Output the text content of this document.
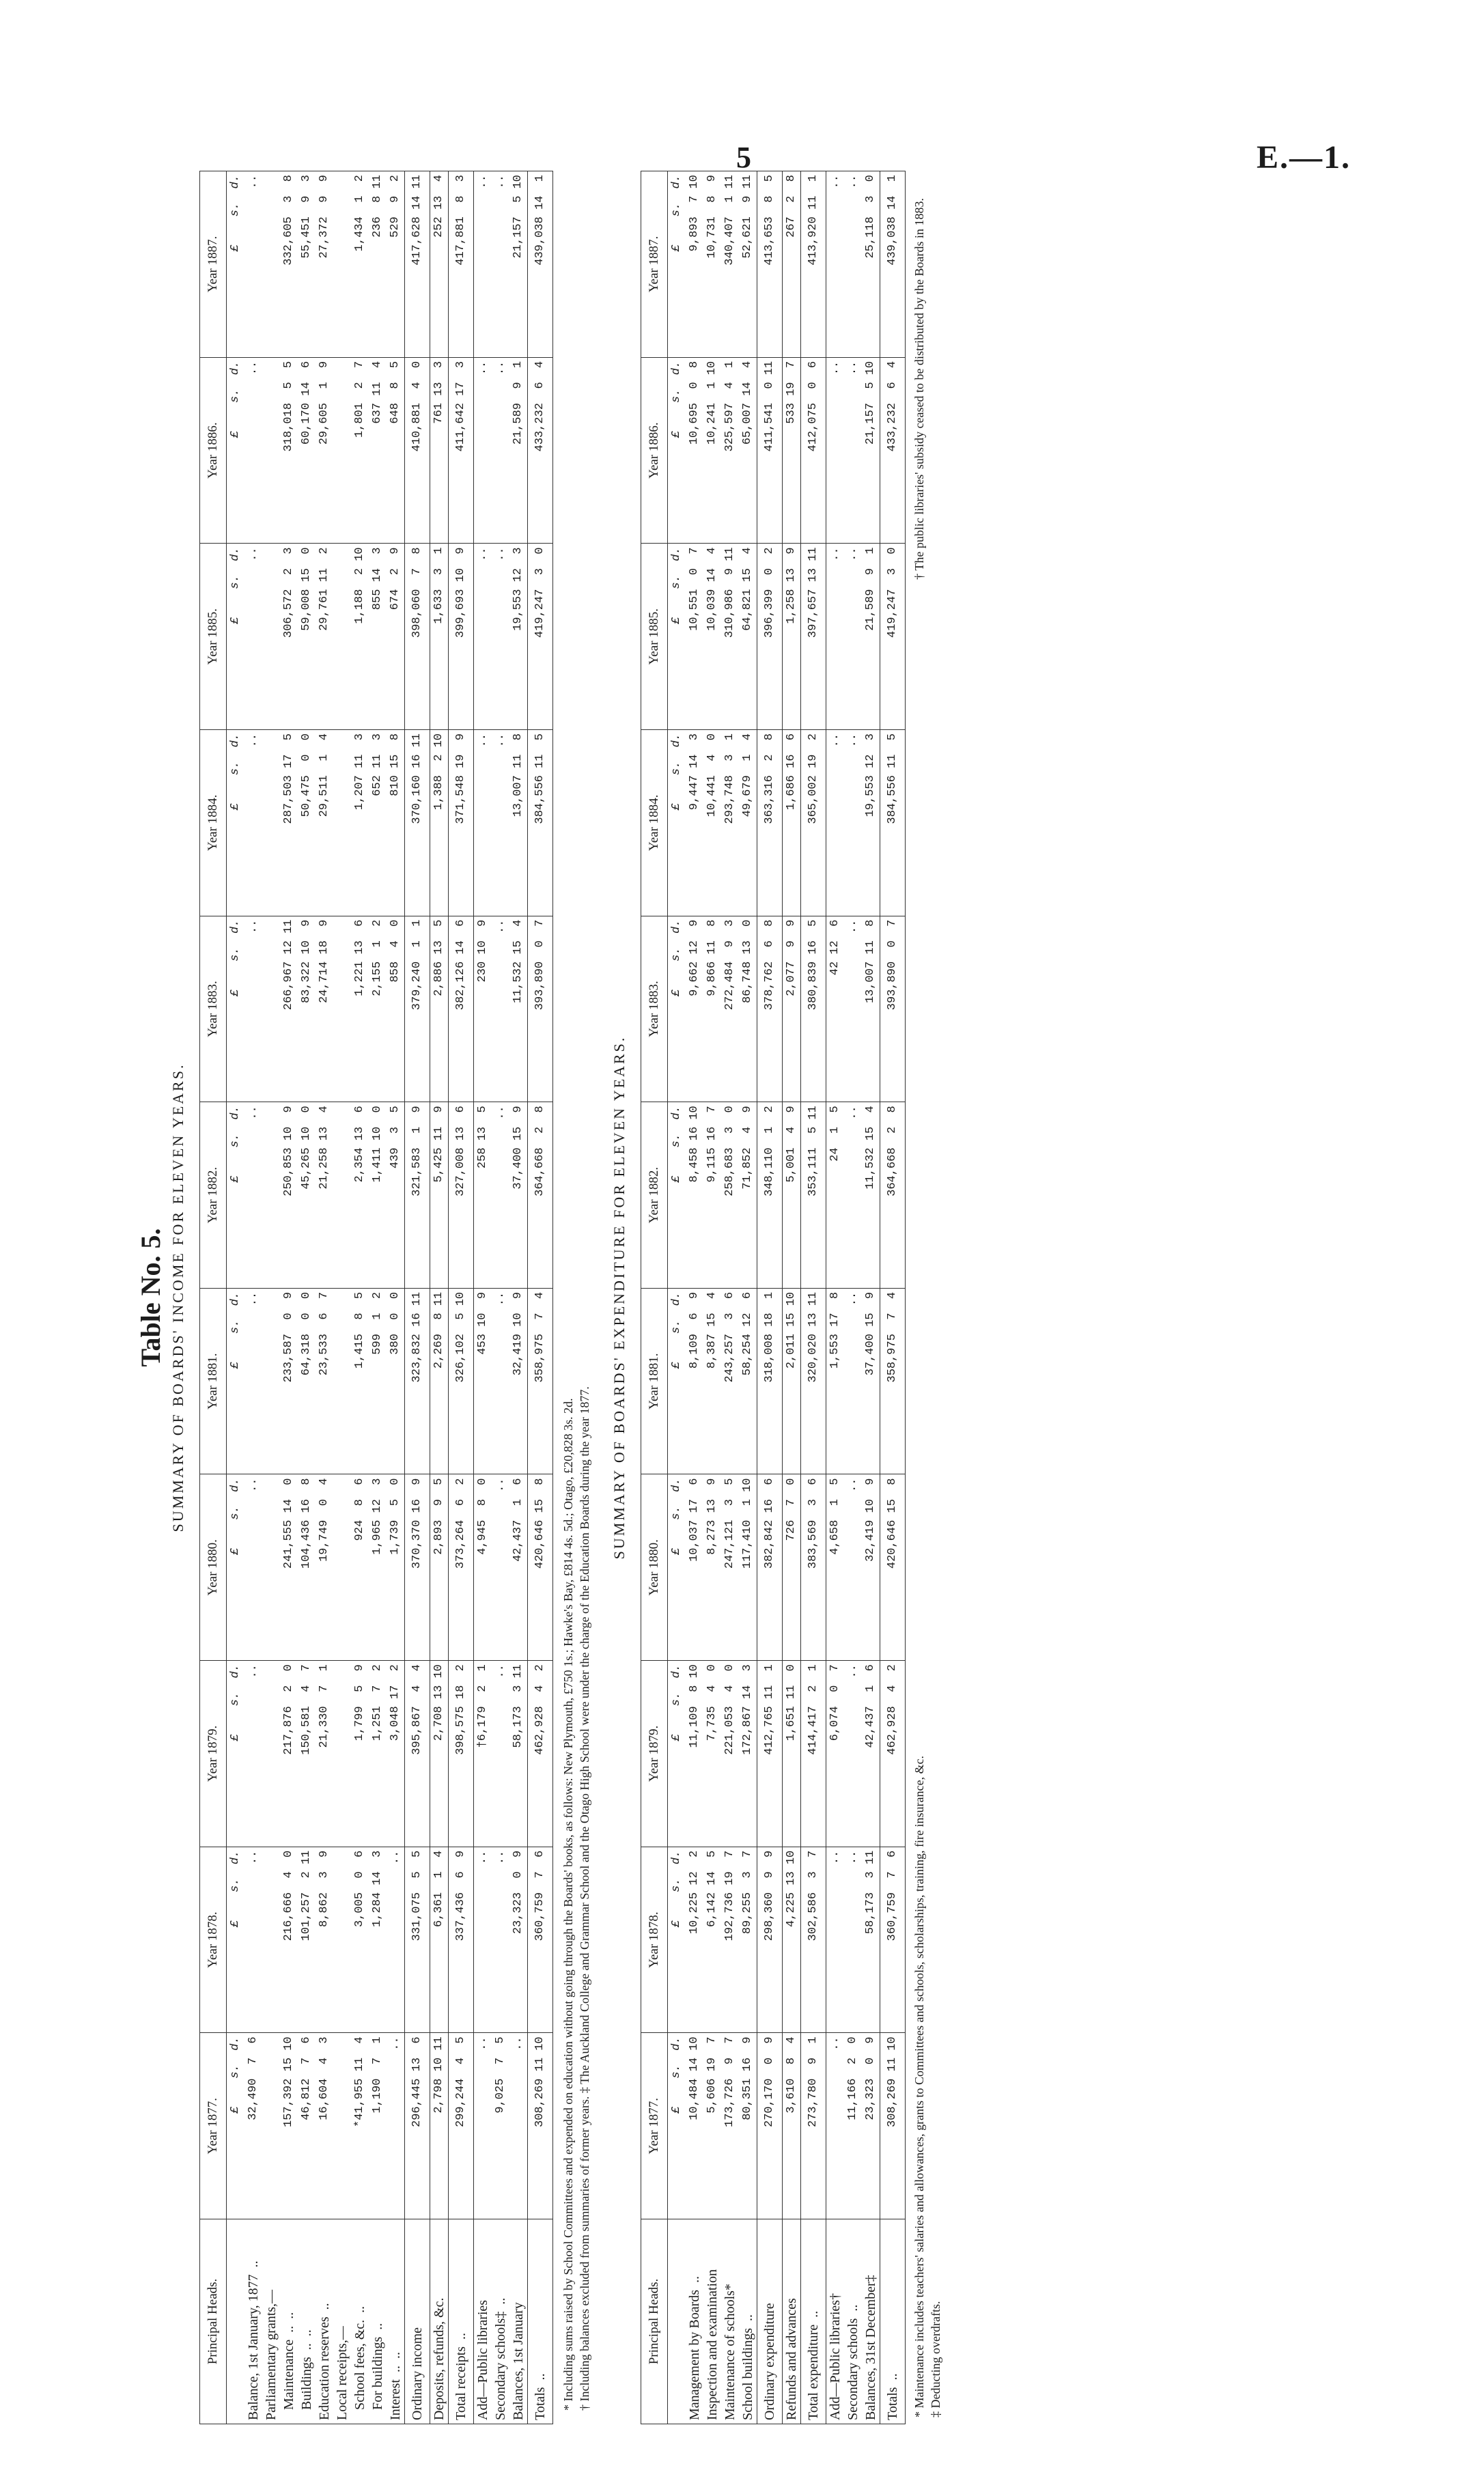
5	E.—1.
Table No. 5. SUMMARY OF BOARDS' INCOME FOR ELEVEN YEARS.
Principal Heads.	Year 1877.	Year 1878.	Year 1879.	Year 1880.	Year 1881.	Year 1882.	Year 1883.	Year 1884.	Year 1885.	Year 1886.	Year 1887.
	£    s.  d.	£    s.  d.	£    s.  d.	£    s.  d.	£    s.  d.	£    s.  d.	£    s.  d.	£    s.  d.	£    s.  d.	£    s.  d.	£    s.  d.
Balance, 1st January, 1877  ..	32,490  7  6	..	..	..	..	..	..	..	..	..	..
Parliamentary grants,—											
Maintenance  ..  ..	157,392 15 10	216,666  4  0	217,876  2  0	241,555 14  0	233,587  0  9	250,853 10  9	266,967 12 11	287,503 17  5	306,572  2  3	318,018  5  5	332,605  3  8
Buildings  ..  ..	46,812  7  6	101,257  2 11	150,581  4  7	104,436 16  8	64,318  0  0	45,265 10  0	83,322 10  9	50,475  0  0	59,008 15  0	60,170 14  6	55,451  9  3
Education reserves  ..	16,604  4  3	8,862  3  9	21,330  7  1	19,749  0  4	23,533  6  7	21,258 13  4	24,714 18  9	29,511  1  4	29,761 11  2	29,605  1  9	27,372  9  9
Local receipts,—											
School fees, &c.  ..	*41,955 11  4	3,005  0  6	1,799  5  9	924  8  6	1,415  8  5	2,354 13  6	1,221 13  6	1,207 11  3	1,188  2 10	1,801  2  7	1,434  1  2
For buildings  ..	1,190  7  1	1,284 14  3	1,251  7  2	1,965 12  3	599  1  2	1,411 10  0	2,155  1  2	652 11  3	855 14  3	637 11  4	236  8 11
Interest  ..  ..	..	..	3,048 17  2	1,739  5  0	380  0  0	439  3  5	858  4  0	810 15  8	674  2  9	648  8  5	529  9  2
Ordinary income	296,445 13  6	331,075  5  5	395,867  4  4	370,370 16  9	323,832 16 11	321,583  1  9	379,240  1  1	370,160 16 11	398,060  7  8	410,881  4  0	417,628 14 11
Deposits, refunds, &c.	2,798 10 11	6,361  1  4	2,708 13 10	2,893  9  5	2,269  8 11	5,425 11  9	2,886 13  5	1,388  2 10	1,633  3  1	761 13  3	252 13  4
Total receipts  ..	299,244  4  5	337,436  6  9	398,575 18  2	373,264  6  2	326,102  5 10	327,008 13  6	382,126 14  6	371,548 19  9	399,693 10  9	411,642 17  3	417,881  8  3
Add—Public libraries	..	..	†6,179  2  1	4,945  8  0	453 10  9	258 13  5	230 10  9	..	..	..	..
Secondary schools‡  ..	9,025  7  5	..	..	..	..	..	..	..	..	..	..
Balances, 1st January	..	23,323  0  9	58,173  3 11	42,437  1  6	32,419 10  9	37,400 15  9	11,532 15  4	13,007 11  8	19,553 12  3	21,589  9  1	21,157  5 10
Totals  ..	308,269 11 10	360,759  7  6	462,928  4  2	420,646 15  8	358,975  7  4	364,668  2  8	393,890  0  7	384,556 11  5	419,247  3  0	433,232  6  4	439,038 14  1
* Including sums raised by School Committees and expended on education without going through the Boards' books, as follows: New Plymouth, £750 1s.; Hawke's Bay, £814 4s. 5d.; Otago, £20,828 3s. 2d. † Including balances excluded from summaries of former years. ‡ The Auckland College and Grammar School and the Otago High School were under the charge of the Education Boards during the year 1877.
SUMMARY OF BOARDS' EXPENDITURE FOR ELEVEN YEARS.
Principal Heads.	Year 1877.	Year 1878.	Year 1879.	Year 1880.	Year 1881.	Year 1882.	Year 1883.	Year 1884.	Year 1885.	Year 1886.	Year 1887.
	£    s.  d.	£    s.  d.	£    s.  d.	£    s.  d.	£    s.  d.	£    s.  d.	£    s.  d.	£    s.  d.	£    s.  d.	£    s.  d.	£    s.  d.
Management by Boards  ..	10,484 14 10	10,225 12  2	11,109  8 10	10,037 17  6	8,109  6  9	8,458 16 10	9,662 12  9	9,447 14  3	10,551  0  7	10,695  0  8	9,893  7 10
Inspection and examination	5,606 19  7	6,142 14  5	7,735  4  0	8,273 13  9	8,387 15  4	9,115 16  7	9,866 11  8	10,441  4  0	10,039 14  4	10,241  1 10	10,731  8  9
Maintenance of schools*	173,726  9  7	192,736 19  7	221,053  4  0	247,121  3  5	243,257  3  6	258,683  3  0	272,484  9  3	293,748  3  1	310,986  9 11	325,597  4  1	340,407  1 11
School buildings  ..	80,351 16  9	89,255  3  7	172,867 14  3	117,410  1 10	58,254 12  6	71,852  4  9	86,748 13  0	49,679  1  4	64,821 15  4	65,007 14  4	52,621  9 11
Ordinary expenditure	270,170  0  9	298,360  9  9	412,765 11  1	382,842 16  6	318,008 18  1	348,110  1  2	378,762  6  8	363,316  2  8	396,399  0  2	411,541  0 11	413,653  8  5
Refunds and advances	3,610  8  4	4,225 13 10	1,651 11  0	726  7  0	2,011 15 10	5,001  4  9	2,077  9  9	1,686 16  6	1,258 13  9	533 19  7	267  2  8
Total expenditure  ..	273,780  9  1	302,586  3  7	414,417  2  1	383,569  3  6	320,020 13 11	353,111  5 11	380,839 16  5	365,002 19  2	397,657 13 11	412,075  0  6	413,920 11  1
Add—Public libraries†	..	..	6,074  0  7	4,658  1  5	1,553 17  8	24  1  5	42 12  6	..	..	..	..
Secondary schools  ..	11,166  2  0	..	..	..	..	..	..	..	..	..	..
Balances, 31st December‡	23,323  0  9	58,173  3 11	42,437  1  6	32,419 10  9	37,400 15  9	11,532 15  4	13,007 11  8	19,553 12  3	21,589  9  1	21,157  5 10	25,118  3  0
Totals  ..	308,269 11 10	360,759  7  6	462,928  4  2	420,646 15  8	358,975  7  4	364,668  2  8	393,890  0  7	384,556 11  5	419,247  3  0	433,232  6  4	439,038 14  1 † The public libraries' subsidy ceased to be distributed by the Boards in 1883.
* Maintenance includes teachers' salaries and allowances, grants to Committees and schools, scholarships, training, fire insurance, &c. ‡ Deducting overdrafts.
